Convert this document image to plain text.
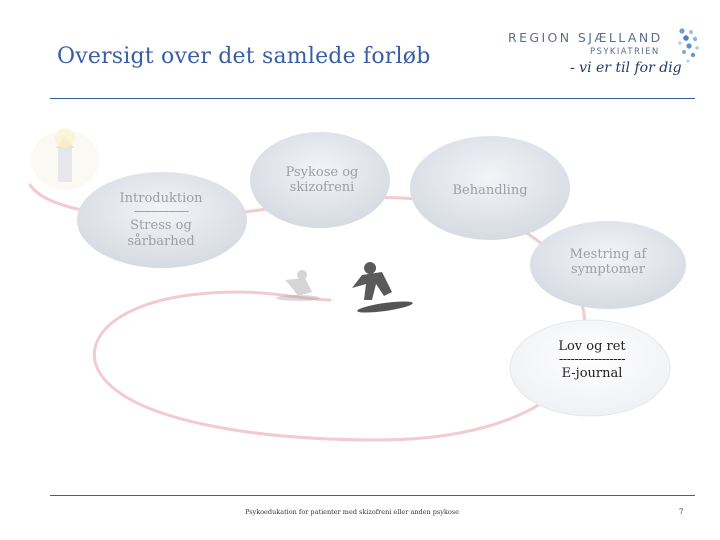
Oversigt over det samlede forløb
REGION SJÆLLAND
PSYKIATRIEN
- vi er til for dig
Introduktion
----------------
Stress og
sårbarhed
Psykose og
skizofreni	Behandling
Mestring af
symptomer
Lov og ret
-----------------
E-journal
Psykoedukation for patienter med skizofreni eller anden psykose	7
